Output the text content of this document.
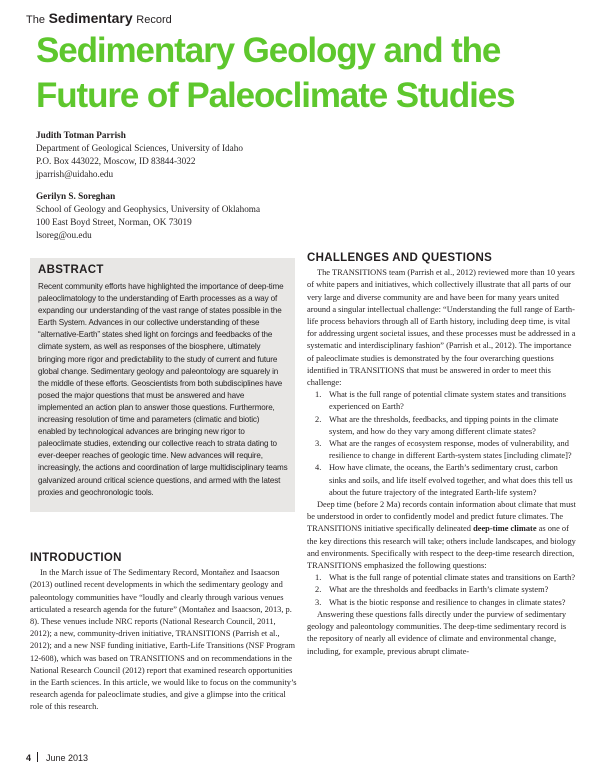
The Sedimentary Record
Sedimentary Geology and the
Future of Paleoclimate Studies
Judith Totman Parrish
Department of Geological Sciences, University of Idaho
P.O. Box 443022, Moscow, ID 83844-3022
jparrish@uidaho.edu
Gerilyn S. Soreghan
School of Geology and Geophysics, University of Oklahoma
100 East Boyd Street, Norman, OK 73019
lsoreg@ou.edu
ABSTRACT

Recent community efforts have highlighted the importance of deep-time paleoclimatology to the understanding of Earth processes as a way of expanding our understanding of the vast range of states possible in the Earth System. Advances in our collective understanding of these “alternative-Earth” states shed light on forcings and feedbacks of the climate system, as well as responses of the biosphere, ultimately bringing more rigor and predictability to the study of current and future global change. Sedimentary geology and paleontology are squarely in the middle of these efforts. Geoscientists from both subdisciplines have posed the major questions that must be answered and have implemented an action plan to answer those questions. Furthermore, increasing resolution of time and parameters (climatic and biotic) enabled by technological advances are bringing new rigor to paleoclimate studies, extending our collective reach to strata dating to ever-deeper reaches of geologic time. New advances will require, increasingly, the actions and coordination of large multidisciplinary teams galvanized around critical science questions, and armed with the latest proxies and geochronologic tools.

INTRODUCTION

In the March issue of The Sedimentary Record, Montañez and Isaacson (2013) outlined recent developments in which the sedimentary geology and paleontology communities have “loudly and clearly through various venues articulated a research agenda for the future” (Montañez and Isaacson, 2013, p. 8). These venues include NRC reports (National Research Council, 2011, 2012); a new, community-driven initiative, TRANSITIONS (Parrish et al., 2012); and a new NSF funding initiative, Earth-Life Transitions (NSF Program 12-608), which was based on TRANSITIONS and on recommendations in the National Research Council (2012) report that examined research opportunities in the Earth sciences. In this article, we would like to focus on the community’s research agenda for paleoclimate studies, and give a glimpse into the critical role of this research.

CHALLENGES AND QUESTIONS

The TRANSITIONS team (Parrish et al., 2012) reviewed more than 10 years of white papers and initiatives, which collectively illustrate that all parts of our very large and diverse community are and have been for many years united around a singular intellectual challenge: “Understanding the full range of Earth-life process behaviors through all of Earth history, including deep time, is vital for addressing urgent societal issues, and these processes must be addressed in a systematic and interdisciplinary fashion” (Parrish et al., 2012). The importance of paleoclimate studies is demonstrated by the four overarching questions identified in TRANSITIONS that must be answered in order to meet this challenge:

1. What is the full range of potential climate system states and transitions experienced on Earth?
2. What are the thresholds, feedbacks, and tipping points in the climate system, and how do they vary among different climate states?
3. What are the ranges of ecosystem response, modes of vulnerability, and resilience to change in different Earth-system states [including climate]?
4. How have climate, the oceans, the Earth’s sedimentary crust, carbon sinks and soils, and life itself evolved together, and what does this tell us about the future trajectory of the integrated Earth-life system?

Deep time (before 2 Ma) records contain information about climate that must be understood in order to confidently model and predict future climates. The TRANSITIONS initiative specifically delineated deep-time climate as one of the key directions this research will take; others include landscapes, and biology and environments. Specifically with respect to the deep-time research direction, TRANSITIONS emphasized the following questions:

1. What is the full range of potential climate states and transitions on Earth?
2. What are the thresholds and feedbacks in Earth’s climate system?
3. What is the biotic response and resilience to changes in climate states?

Answering these questions falls directly under the purview of sedimentary geology and paleontology communities. The deep-time sedimentary record is the repository of nearly all evidence of climate and environmental change, including, for example, previous abrupt climate-

4 June 2013
